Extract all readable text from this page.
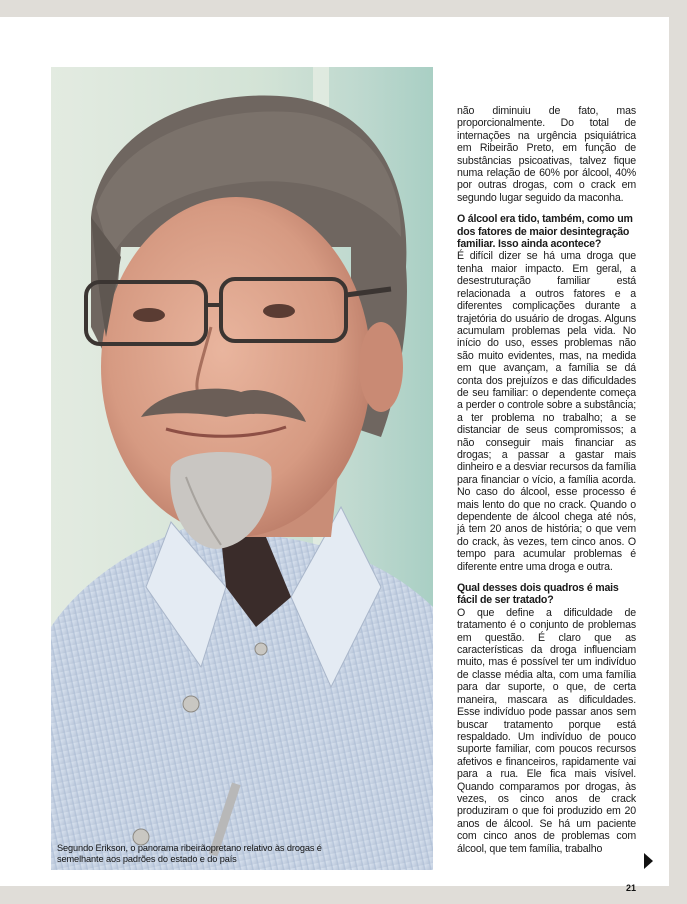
Segundo Erikson, o panorama ribeirãopretano relativo às drogas é semelhante aos padrões do estado e do país

não diminuiu de fato, mas proporcionalmente. Do total de internações na urgência psiquiátrica em Ribeirão Preto, em função de substâncias psicoativas, talvez fique numa relação de 60% por álcool, 40% por outras drogas, com o crack em segundo lugar seguido da maconha.

O álcool era tido, também, como um dos fatores de maior desintegração familiar. Isso ainda acontece?

É difícil dizer se há uma droga que tenha maior impacto. Em geral, a desestruturação familiar está relacionada a outros fatores e a diferentes complicações durante a trajetória do usuário de drogas. Alguns acumulam problemas pela vida. No início do uso, esses problemas não são muito evidentes, mas, na medida em que avançam, a família se dá conta dos prejuízos e das dificuldades de seu familiar: o dependente começa a perder o controle sobre a substância; a ter problema no trabalho; a se distanciar de seus compromissos; a não conseguir mais financiar as drogas; a passar a gastar mais dinheiro e a desviar recursos da família para financiar o vício, a família acorda. No caso do álcool, esse processo é mais lento do que no crack. Quando o dependente de álcool chega até nós, já tem 20 anos de história; o que vem do crack, às vezes, tem cinco anos. O tempo para acumular problemas é diferente entre uma droga e outra.

Qual desses dois quadros é mais fácil de ser tratado?

O que define a dificuldade de tratamento é o conjunto de problemas em questão. É claro que as características da droga influenciam muito, mas é possível ter um indivíduo de classe média alta, com uma família para dar suporte, o que, de certa maneira, mascara as dificuldades. Esse indivíduo pode passar anos sem buscar tratamento porque está respaldado. Um indivíduo de pouco suporte familiar, com poucos recursos afetivos e financeiros, rapidamente vai para a rua. Ele fica mais visível. Quando comparamos por drogas, às vezes, os cinco anos de crack produziram o que foi produzido em 20 anos de álcool. Se há um paciente com cinco anos de problemas com álcool, que tem família, trabalho

21
